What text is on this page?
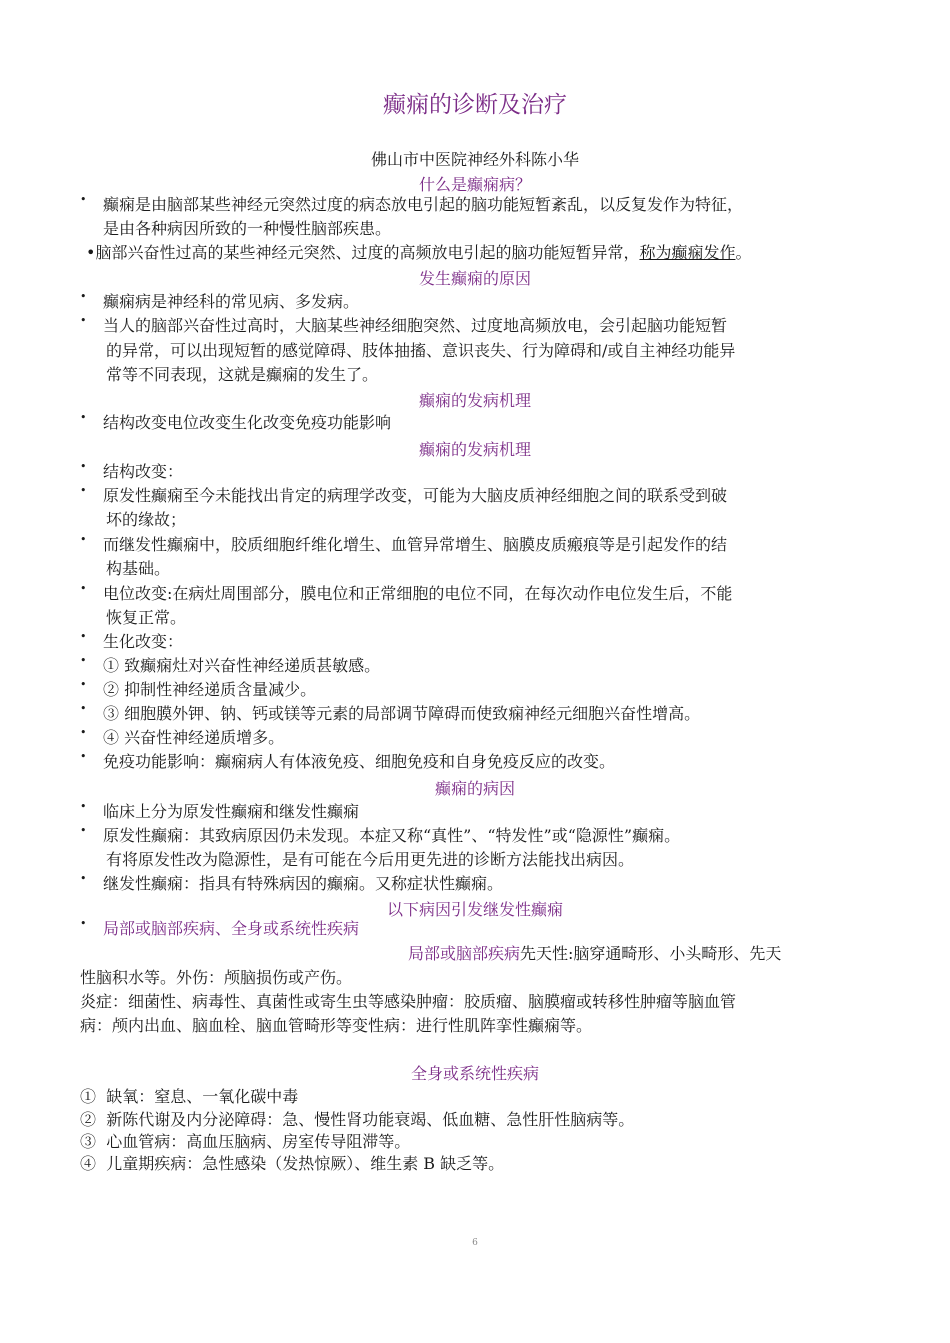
癫痫的诊断及治疗
佛山市中医院神经外科陈小华
什么是癫痫病？
• 癫痫是由脑部某些神经元突然过度的病态放电引起的脑功能短暂紊乱，以反复发作为特征，
是由各种病因所致的一种慢性脑部疾患。
•脑部兴奋性过高的某些神经元突然、过度的高频放电引起的脑功能短暂异常，称为癫痫发作。
发生癫痫的原因
• 癫痫病是神经科的常见病、多发病。
• 当人的脑部兴奋性过高时，大脑某些神经细胞突然、过度地高频放电，会引起脑功能短暂
的异常，可以出现短暂的感觉障碍、肢体抽搐、意识丧失、行为障碍和/或自主神经功能异
常等不同表现，这就是癫痫的发生了。
癫痫的发病机理
• 结构改变电位改变生化改变免疫功能影响
癫痫的发病机理
• 结构改变：
• 原发性癫痫至今未能找出肯定的病理学改变，可能为大脑皮质神经细胞之间的联系受到破
坏的缘故；
• 而继发性癫痫中，胶质细胞纤维化增生、血管异常增生、脑膜皮质瘢痕等是引起发作的结
构基础。
• 电位改变:在病灶周围部分，膜电位和正常细胞的电位不同，在每次动作电位发生后，不能
恢复正常。
• 生化改变：
• ① 致癫痫灶对兴奋性神经递质甚敏感。
• ② 抑制性神经递质含量减少。
• ③ 细胞膜外钾、钠、钙或镁等元素的局部调节障碍而使致痫神经元细胞兴奋性增高。
• ④ 兴奋性神经递质增多。
• 免疫功能影响：癫痫病人有体液免疫、细胞免疫和自身免疫反应的改变。
癫痫的病因
• 临床上分为原发性癫痫和继发性癫痫
• 原发性癫痫：其致病原因仍未发现。本症又称“真性”、“特发性”或“隐源性”癫痫。
有将原发性改为隐源性，是有可能在今后用更先进的诊断方法能找出病因。
• 继发性癫痫：指具有特殊病因的癫痫。又称症状性癫痫。
以下病因引发继发性癫痫
• 局部或脑部疾病、全身或系统性疾病
局部或脑部疾病先天性:脑穿通畸形、小头畸形、先天
性脑积水等。外伤：颅脑损伤或产伤。
炎症：细菌性、病毒性、真菌性或寄生虫等感染肿瘤：胶质瘤、脑膜瘤或转移性肿瘤等脑血管
病：颅内出血、脑血栓、脑血管畸形等变性病：进行性肌阵挛性癫痫等。
全身或系统性疾病
① 缺氧：窒息、一氧化碳中毒
② 新陈代谢及内分泌障碍：急、慢性肾功能衰竭、低血糖、急性肝性脑病等。
③ 心血管病：高血压脑病、房室传导阻滞等。
④ 儿童期疾病：急性感染（发热惊厥）、维生素 B 缺乏等。
6
